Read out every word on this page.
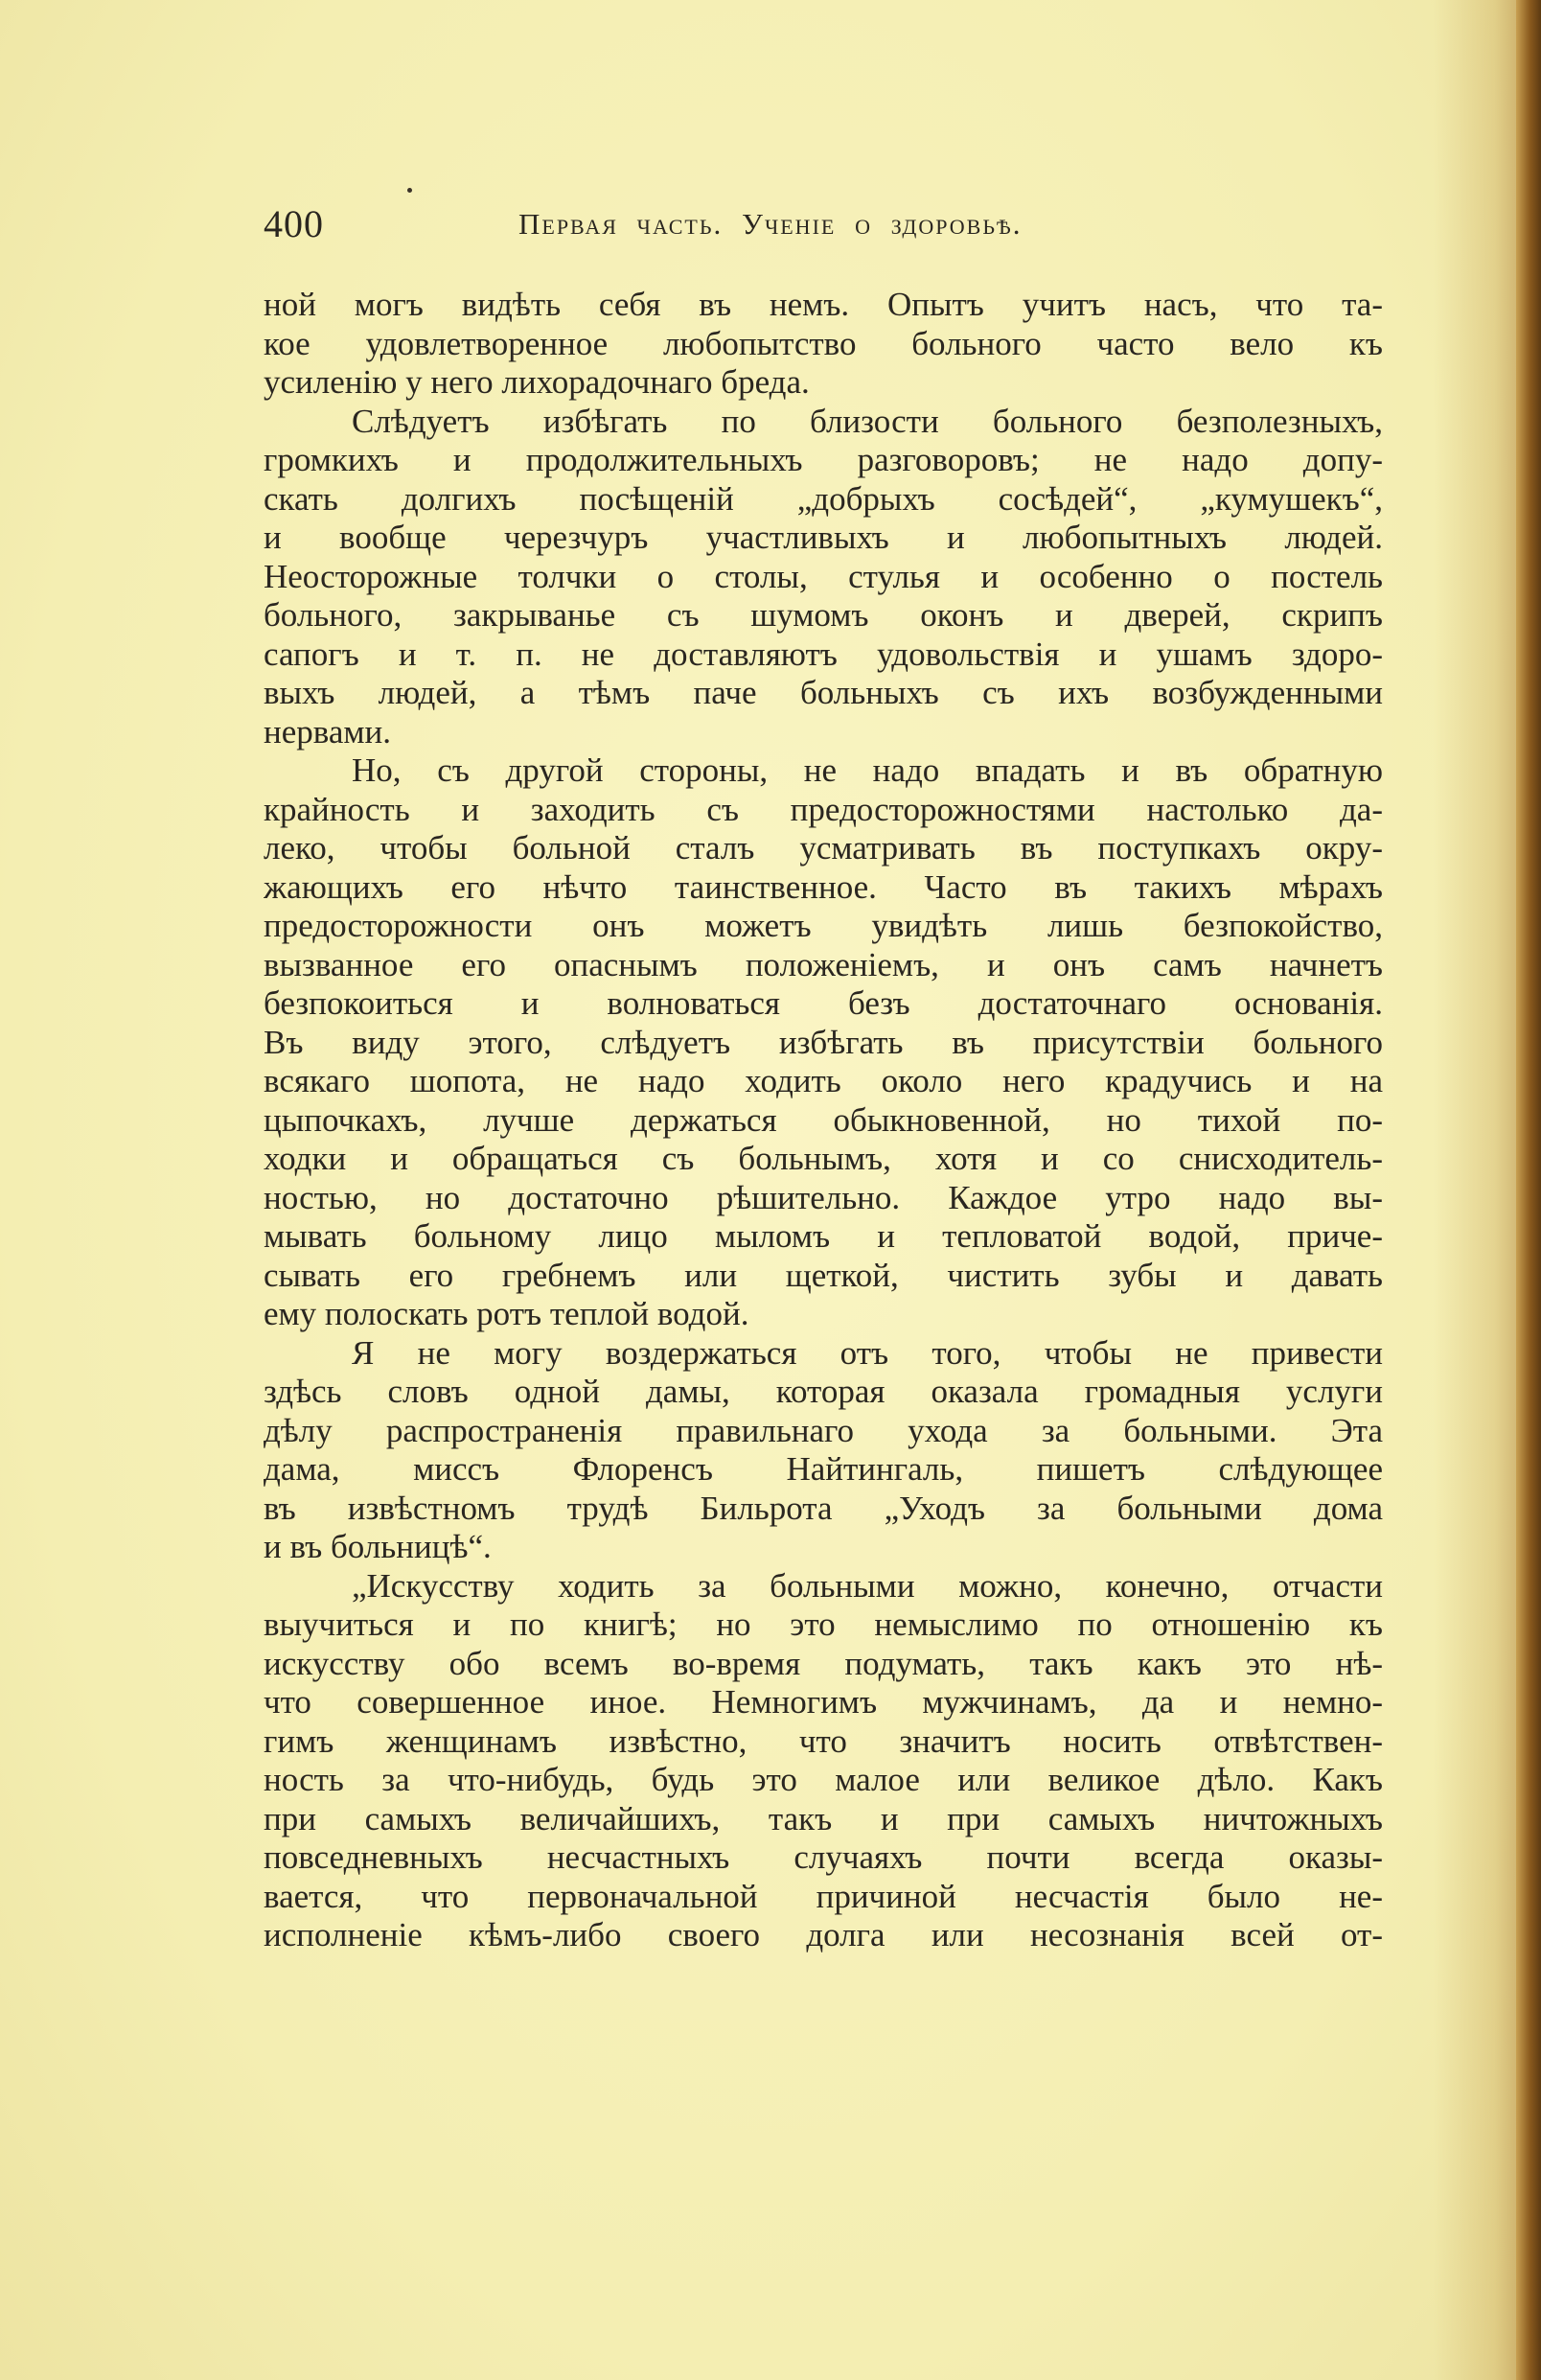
400	Первая часть. Ученіе о здоровьѣ.
ной могъ видѣть себя въ немъ. Опытъ учитъ насъ, что та-
кое удовлетворенное любопытство больного часто вело къ
усиленію у него лихорадочнаго бреда.
Слѣдуетъ избѣгать по близости больного безполезныхъ,
громкихъ и продолжительныхъ разговоровъ; не надо допу-
скать долгихъ посѣщеній „добрыхъ сосѣдей“, „кумушекъ“,
и вообще черезчуръ участливыхъ и любопытныхъ людей.
Неосторожные толчки о столы, стулья и особенно о постель
больного, закрыванье съ шумомъ оконъ и дверей, скрипъ
сапогъ и т. п. не доставляютъ удовольствія и ушамъ здоро-
выхъ людей, а тѣмъ паче больныхъ съ ихъ возбужденными
нервами.
Но, съ другой стороны, не надо впадать и въ обратную
крайность и заходить съ предосторожностями настолько да-
леко, чтобы больной сталъ усматривать въ поступкахъ окру-
жающихъ его нѣчто таинственное. Часто въ такихъ мѣрахъ
предосторожности онъ можетъ увидѣть лишь безпокойство,
вызванное его опаснымъ положеніемъ, и онъ самъ начнетъ
безпокоиться и волноваться безъ достаточнаго основанія.
Въ виду этого, слѣдуетъ избѣгать въ присутствіи больного
всякаго шопота, не надо ходить около него крадучись и на
цыпочкахъ, лучше держаться обыкновенной, но тихой по-
ходки и обращаться съ больнымъ, хотя и со снисходитель-
ностью, но достаточно рѣшительно. Каждое утро надо вы-
мывать больному лицо мыломъ и тепловатой водой, приче-
сывать его гребнемъ или щеткой, чистить зубы и давать
ему полоскать ротъ теплой водой.
Я не могу воздержаться отъ того, чтобы не привести
здѣсь словъ одной дамы, которая оказала громадныя услуги
дѣлу распространенія правильнаго ухода за больными. Эта
дама, миссъ Флоренсъ Найтингаль, пишетъ слѣдующее
въ извѣстномъ трудѣ Бильрота „Уходъ за больными дома
и въ больницѣ“.
„Искусству ходить за больными можно, конечно, отчасти
выучиться и по книгѣ; но это немыслимо по отношенію къ
искусству обо всемъ во-время подумать, такъ какъ это нѣ-
что совершенное иное. Немногимъ мужчинамъ, да и немно-
гимъ женщинамъ извѣстно, что значитъ носить отвѣтствен-
ность за что-нибудь, будь это малое или великое дѣло. Какъ
при самыхъ величайшихъ, такъ и при самыхъ ничтожныхъ
повседневныхъ несчастныхъ случаяхъ почти всегда оказы-
вается, что первоначальной причиной несчастія было не-
исполненіе кѣмъ-либо своего долга или несознанія всей от-
